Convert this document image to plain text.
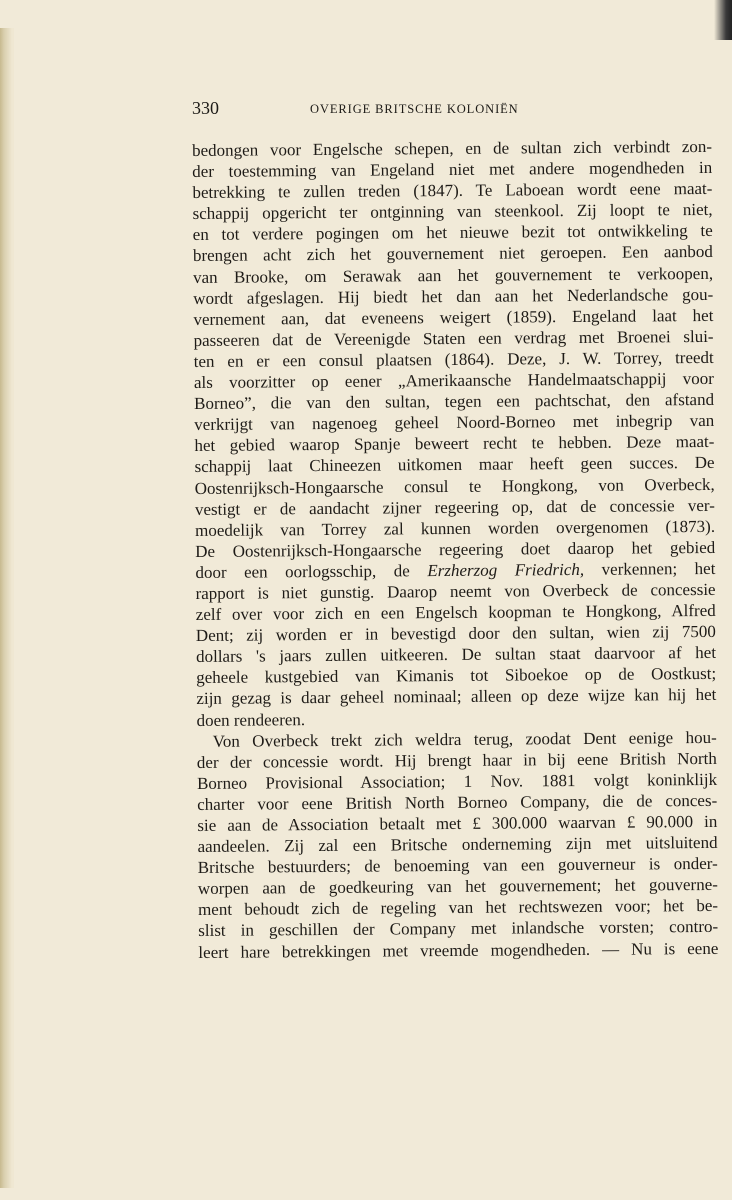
330	OVERIGE BRITSCHE KOLONIËN
bedongen voor Engelsche schepen, en de sultan zich verbindt zon-
der toestemming van Engeland niet met andere mogendheden in
betrekking te zullen treden (1847). Te Laboean wordt eene maat-
schappij opgericht ter ontginning van steenkool. Zij loopt te niet,
en tot verdere pogingen om het nieuwe bezit tot ontwikkeling te
brengen acht zich het gouvernement niet geroepen. Een aanbod
van Brooke, om Serawak aan het gouvernement te verkoopen,
wordt afgeslagen. Hij biedt het dan aan het Nederlandsche gou-
vernement aan, dat eveneens weigert (1859). Engeland laat het
passeeren dat de Vereenigde Staten een verdrag met Broenei slui-
ten en er een consul plaatsen (1864). Deze, J. W. Torrey, treedt
als voorzitter op eener „Amerikaansche Handelmaatschappij voor
Borneo”, die van den sultan, tegen een pachtschat, den afstand
verkrijgt van nagenoeg geheel Noord-Borneo met inbegrip van
het gebied waarop Spanje beweert recht te hebben. Deze maat-
schappij laat Chineezen uitkomen maar heeft geen succes. De
Oostenrijksch-Hongaarsche consul te Hongkong, von Overbeck,
vestigt er de aandacht zijner regeering op, dat de concessie ver-
moedelijk van Torrey zal kunnen worden overgenomen (1873).
De Oostenrijksch-Hongaarsche regeering doet daarop het gebied
door een oorlogsschip, de Erzherzog Friedrich, verkennen; het
rapport is niet gunstig. Daarop neemt von Overbeck de concessie
zelf over voor zich en een Engelsch koopman te Hongkong, Alfred
Dent; zij worden er in bevestigd door den sultan, wien zij 7500
dollars 's jaars zullen uitkeeren. De sultan staat daarvoor af het
geheele kustgebied van Kimanis tot Siboekoe op de Oostkust;
zijn gezag is daar geheel nominaal; alleen op deze wijze kan hij het
doen rendeeren.
Von Overbeck trekt zich weldra terug, zoodat Dent eenige hou-
der der concessie wordt. Hij brengt haar in bij eene British North
Borneo Provisional Association; 1 Nov. 1881 volgt koninklijk
charter voor eene British North Borneo Company, die de conces-
sie aan de Association betaalt met £ 300.000 waarvan £ 90.000 in
aandeelen. Zij zal een Britsche onderneming zijn met uitsluitend
Britsche bestuurders; de benoeming van een gouverneur is onder-
worpen aan de goedkeuring van het gouvernement; het gouverne-
ment behoudt zich de regeling van het rechtswezen voor; het be-
slist in geschillen der Company met inlandsche vorsten; contro-
leert hare betrekkingen met vreemde mogendheden. — Nu is eene
